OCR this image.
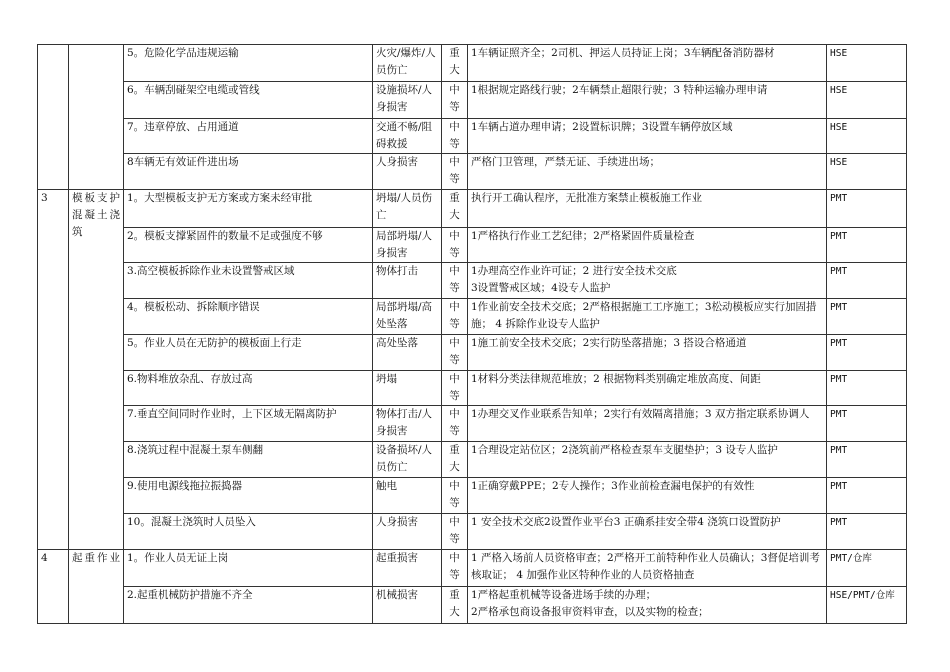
		5。危险化学品违规运输	火灾/爆炸/人员伤亡	重大	1车辆证照齐全；2司机、押运人员持证上岗；3车辆配备消防器材	HSE
		6。车辆刮碰架空电缆或管线	设施损坏/人身损害	中等	1根据规定路线行驶；2车辆禁止超限行驶；3 特种运输办理申请	HSE
		7。违章停放、占用通道	交通不畅/阻碍救援	中等	1车辆占道办理申请；2设置标识牌；3设置车辆停放区域	HSE
		8车辆无有效证件进出场	人身损害	中等	严格门卫管理，严禁无证、手续进出场；	HSE
3	模板支护混凝土浇筑	1。大型模板支护无方案或方案未经审批	坍塌/人员伤亡	重大	执行开工确认程序，无批准方案禁止模板施工作业	PMT
		2。模板支撑紧固件的数量不足或强度不够	局部坍塌/人身损害	中等	1严格执行作业工艺纪律；2严格紧固件质量检查	PMT
		3.高空模板拆除作业未设置警戒区域	物体打击	中等	1办理高空作业许可证；2 进行安全技术交底
3设置警戒区域；4设专人监护	PMT
		4。模板松动、拆除顺序错误	局部坍塌/高处坠落	中等	1作业前安全技术交底；2严格根据施工工序施工；3松动模板应实行加固措施； 4 拆除作业设专人监护	PMT
		5。作业人员在无防护的模板面上行走	高处坠落	中等	1施工前安全技术交底；2实行防坠落措施；3 搭设合格通道	PMT
		6.物料堆放杂乱、存放过高	坍塌	中等	1材料分类法律规范堆放；2 根据物料类别确定堆放高度、间距	PMT
		7.垂直空间同时作业时，上下区域无隔离防护	物体打击/人身损害	中等	1办理交叉作业联系告知单；2实行有效隔离措施；3 双方指定联系协调人	PMT
		8.浇筑过程中混凝土泵车侧翻	设备损坏/人员伤亡	重大	1合理设定站位区；2浇筑前严格检查泵车支腿垫护；3 设专人监护	PMT
		9.使用电源线拖拉振捣器	触电	中等	1正确穿戴PPE；2专人操作；3作业前检查漏电保护的有效性	PMT
		10。混凝土浇筑时人员坠入	人身损害	中等	1 安全技术交底2设置作业平台3 正确系挂安全带4 浇筑口设置防护	PMT
4	起重作业	1。作业人员无证上岗	起重损害	中等	1 严格入场前人员资格审查；2严格开工前特种作业人员确认；3督促培训考核取证； 4 加强作业区特种作业的人员资格抽查	PMT/仓库
		2.起重机械防护措施不齐全	机械损害	重大	1严格起重机械等设备进场手续的办理；
2严格承包商设备报审资料审查，以及实物的检查；	HSE/PMT/仓库
